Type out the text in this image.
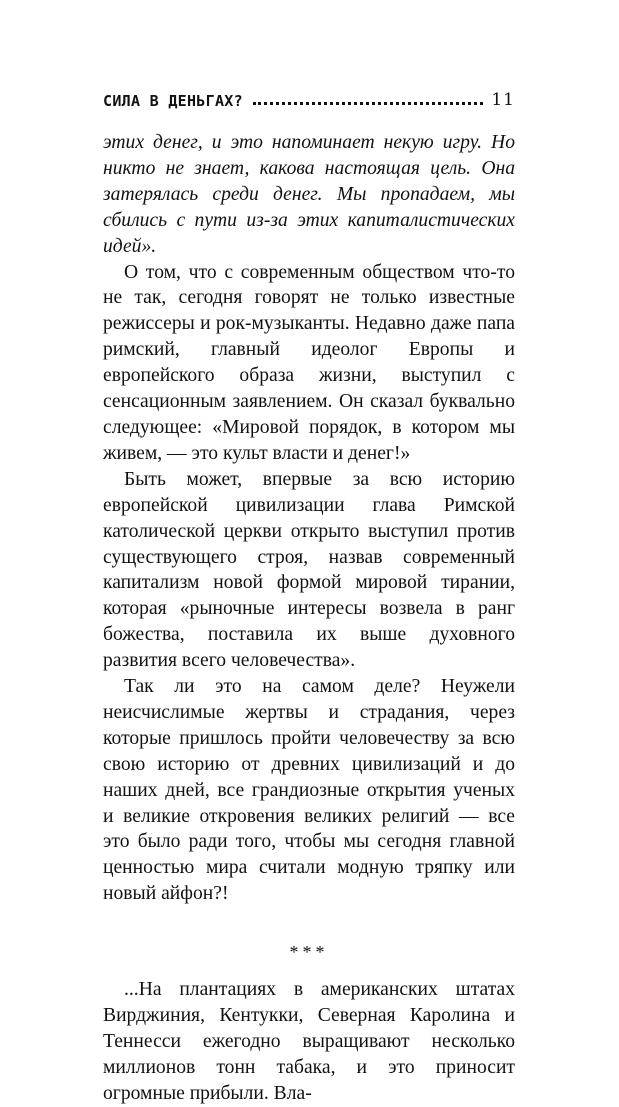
СИЛА В ДЕНЬГАХ?	11

этих денег, и это напоминает некую игру. Но никто не знает, какова настоящая цель. Она затерялась среди денег. Мы пропадаем, мы сбились с пути из-за этих капиталистических идей».

О том, что с современным обществом что-то не так, сегодня говорят не только известные режиссеры и рок-музыканты. Недавно даже папа римский, главный идеолог Европы и европейского образа жизни, выступил с сенсационным заявлением. Он сказал буквально следующее: «Мировой порядок, в котором мы живем, — это культ власти и денег!»

Быть может, впервые за всю историю европейской цивилизации глава Римской католической церкви открыто выступил против существующего строя, назвав современный капитализм новой формой мировой тирании, которая «рыночные интересы возвела в ранг божества, поставила их выше духовного развития всего человечества».

Так ли это на самом деле? Неужели неисчислимые жертвы и страдания, через которые пришлось пройти человечеству за всю свою историю от древних цивилизаций и до наших дней, все грандиозные открытия ученых и великие откровения великих религий — все это было ради того, чтобы мы сегодня главной ценностью мира считали модную тряпку или новый айфон?!

***

...На плантациях в американских штатах Вирджиния, Кентукки, Северная Каролина и Теннесси ежегодно выращивают несколько миллионов тонн табака, и это приносит огромные прибыли. Вла-
